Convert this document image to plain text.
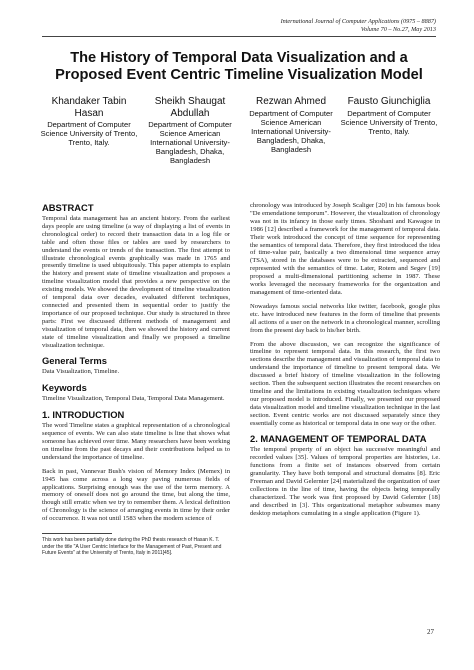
International Journal of Computer Applications (0975 – 8887)
Volume 70 – No.27, May 2013
The History of Temporal Data Visualization and a Proposed Event Centric Timeline Visualization Model
Khandaker Tabin Hasan
Department of Computer Science University of Trento, Trento, Italy.
Sheikh Shaugat Abdullah
Department of Computer Science American International University-Bangladesh, Dhaka, Bangladesh
Rezwan Ahmed
Department of Computer Science American International University-Bangladesh, Dhaka, Bangladesh
Fausto Giunchiglia
Department of Computer Science University of Trento, Trento, Italy.
ABSTRACT

Temporal data management has an ancient history. From the earliest days people are using timeline (a way of displaying a list of events in chronological order) to record their transaction data in a log file or table and often those files or tables are used by researchers to understand the events or trends of the transaction. The first attempt to illustrate chronological events graphically was made in 1765 and presently timeline is used ubiquitously. This paper attempts to explain the history and present state of timeline visualization and proposes a timeline visualization model that provides a new perspective on the existing models. We showed the development of timeline visualization of temporal data over decades, evaluated different techniques, connected and presented them in sequential order to justify the importance of our proposed technique. Our study is structured in three parts: First we discussed different methods of management and visualization of temporal data, then we showed the history and current state of timeline visualization and finally we proposed a timeline visualization technique.

General Terms

Data Visualization, Timeline.

Keywords

Timeline Visualization, Temporal Data, Temporal Data Management.

1. INTRODUCTION

The word Timeline states a graphical representation of a chronological sequence of events. We can also state timeline is line that shows what someone has achieved over time. Many researchers have been working on timeline from the past decays and their contributions helped us to understand the importance of timeline.

Back in past, Vannevar Bush's vision of Memory Index (Memex) in 1945 has come across a long way paving numerous fields of applications. Surprising enough was the use of the term memory. A memory of oneself does not go around the time, but along the time, though still erratic when we try to remember them. A lexical definition of Chronology is the science of arranging events in time by their order of occurrence. It was not until 1583 when the modern science of

This work has been partially done during the PhD thesis research of Hasan K. T. under the title "A User Centric Interface for the Management of Past, Present and Future Events" at the University of Trento, Italy in 2011[45].

chronology was introduced by Joseph Scaliger [20] in his famous book "De emendatione temporum". However, the visualization of chronology was not in its infancy in those early times. Shoshani and Kawagoe in 1986 [12] described a framework for the management of temporal data. Their work introduced the concept of time sequence for representing the semantics of temporal data. Therefore, they first introduced the idea of time-value pair, basically a two dimensional time sequence array (TSA), stored in the databases were to be extracted, sequenced and represented with the semantics of time. Later, Rotem and Segev [19] proposed a multi-dimensional partitioning scheme in 1987. These works leveraged the necessary frameworks for the organization and management of time-oriented data.

Nowadays famous social networks like twitter, facebook, google plus etc. have introduced new features in the form of timeline that presents all actions of a user on the network in a chronological manner, scrolling from the present day back to his/her birth.

From the above discussion, we can recognize the significance of timeline to represent temporal data. In this research, the first two sections describe the management and visualization of temporal data to understand the importance of timeline to present temporal data. We discussed a brief history of timeline visualization in the following section. Then the subsequent section illustrates the recent researches on timeline and the limitations in existing visualization techniques where our proposed model is introduced. Finally, we presented our proposed data visualization model and timeline visualization technique in the last section. Event centric works are not discussed separately since they essentially come as historical or temporal data in one way or the other.

2. MANAGEMENT OF TEMPORAL DATA

The temporal property of an object has successive meaningful and recorded values [35]. Values of temporal properties are histories, i.e. functions from a finite set of instances observed from certain granularity. They have both temporal and structural domains [8]. Eric Freeman and David Gelernter [24] materialized the organization of user collections in the line of time, having the objects being temporally characterized. The work was first proposed by David Gelernter [18] and described in [3]. This organizational metaphor subsumes many desktop metaphors cumulating in a single application (Figure 1).

27
